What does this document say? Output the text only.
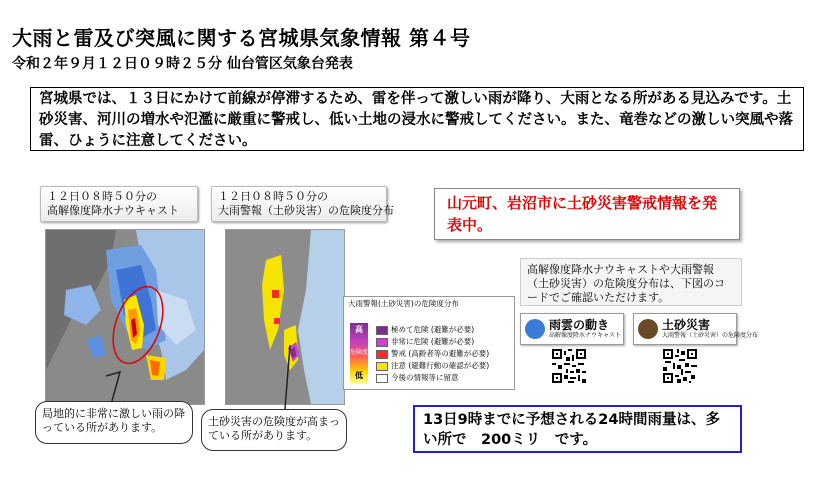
大雨と雷及び突風に関する宮城県気象情報 第４号
令和２年９月１２日０９時２５分 仙台管区気象台発表
宮城県では、１３日にかけて前線が停滞するため、雷を伴って激しい雨が降り、大雨となる所がある見込みです。土砂災害、河川の増水や氾濫に厳重に警戒し、低い土地の浸水に警戒してください。また、竜巻などの激しい突風や落雷、ひょうに注意してください。
１２日０８時５０分の
高解像度降水ナウキャスト
１２日０８時５０分の
大雨警報（土砂災害）の危険度分布
大雨警報(土砂災害)の危険度分布
高
危険度
低
極めて危険 (避難が必要)
非常に危険 (避難が必要)
警戒 (高齢者等の避難が必要)
注意 (避難行動の確認が必要)
今後の情報等に留意
山元町、岩沼市に土砂災害警戒情報を発表中。
高解像度降水ナウキャストや大雨警報（土砂災害）の危険度分布は、下図のコードでご確認いただけます。
雨雲の動き
高解像度降水ナウキャスト
土砂災害
大雨警報（土砂災害）の危険度分布
局地的に非常に激しい雨の降っている所があります。	土砂災害の危険度が高まっている所があります。
13日9時までに予想される24時間雨量は、多い所で　200ミリ　です。
